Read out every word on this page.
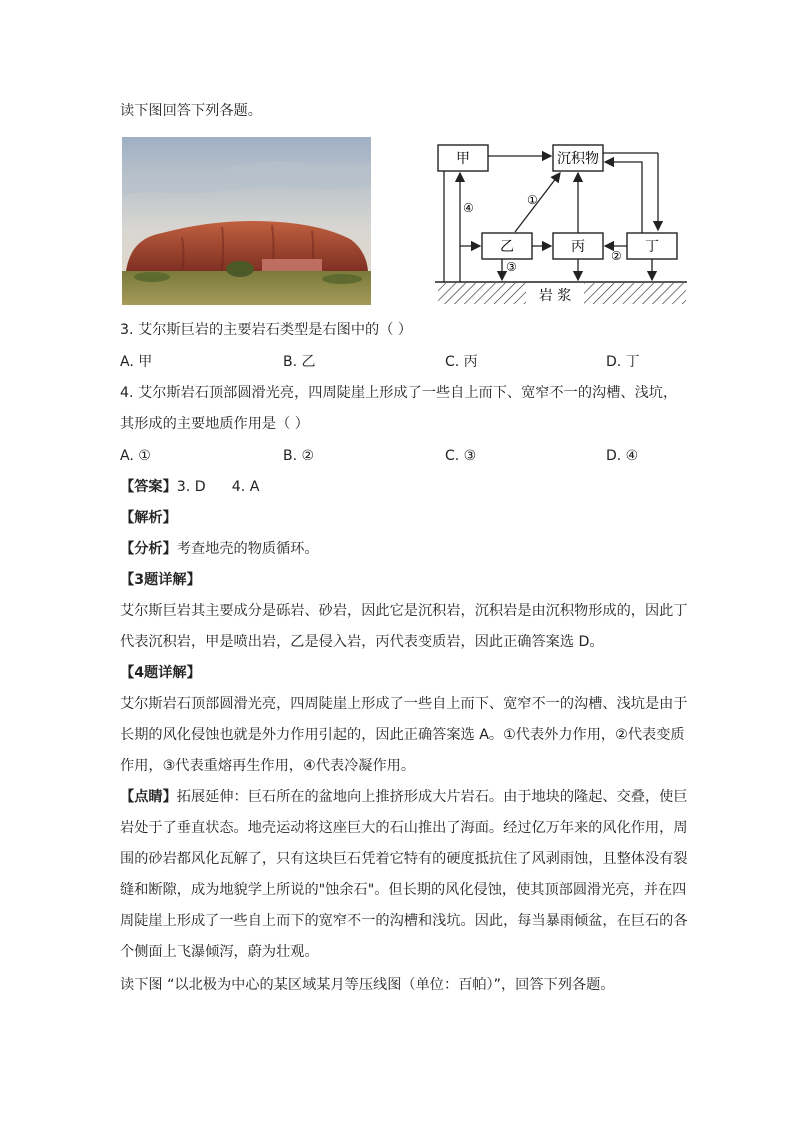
读下图回答下列各题。
甲	沉积物
乙	丙	丁
岩 浆
①
②
③
④
3. 艾尔斯巨岩的主要岩石类型是右图中的（ ）
A. 甲	B. 乙	C. 丙	D. 丁
4. 艾尔斯岩石顶部圆滑光亮，四周陡崖上形成了一些自上而下、宽窄不一的沟槽、浅坑，
其形成的主要地质作用是（ ）
A. ①	B. ②	C. ③	D. ④
【答案】3. D 4. A
【解析】
【分析】考查地壳的物质循环。
【3题详解】
艾尔斯巨岩其主要成分是砾岩、砂岩，因此它是沉积岩，沉积岩是由沉积物形成的，因此丁
代表沉积岩，甲是喷出岩，乙是侵入岩，丙代表变质岩，因此正确答案选 D。
【4题详解】
艾尔斯岩石顶部圆滑光亮，四周陡崖上形成了一些自上而下、宽窄不一的沟槽、浅坑是由于
长期的风化侵蚀也就是外力作用引起的，因此正确答案选 A。①代表外力作用，②代表变质
作用，③代表重熔再生作用，④代表冷凝作用。
【点睛】拓展延伸：巨石所在的盆地向上推挤形成大片岩石。由于地块的隆起、交叠，使巨
岩处于了垂直状态。地壳运动将这座巨大的石山推出了海面。经过亿万年来的风化作用，周
围的砂岩都风化瓦解了，只有这块巨石凭着它特有的硬度抵抗住了风剥雨蚀，且整体没有裂
缝和断隙，成为地貌学上所说的"蚀余石"。但长期的风化侵蚀，使其顶部圆滑光亮，并在四
周陡崖上形成了一些自上而下的宽窄不一的沟槽和浅坑。因此，每当暴雨倾盆，在巨石的各
个侧面上飞瀑倾泻，蔚为壮观。
读下图 “以北极为中心的某区域某月等压线图（单位：百帕）”，回答下列各题。
